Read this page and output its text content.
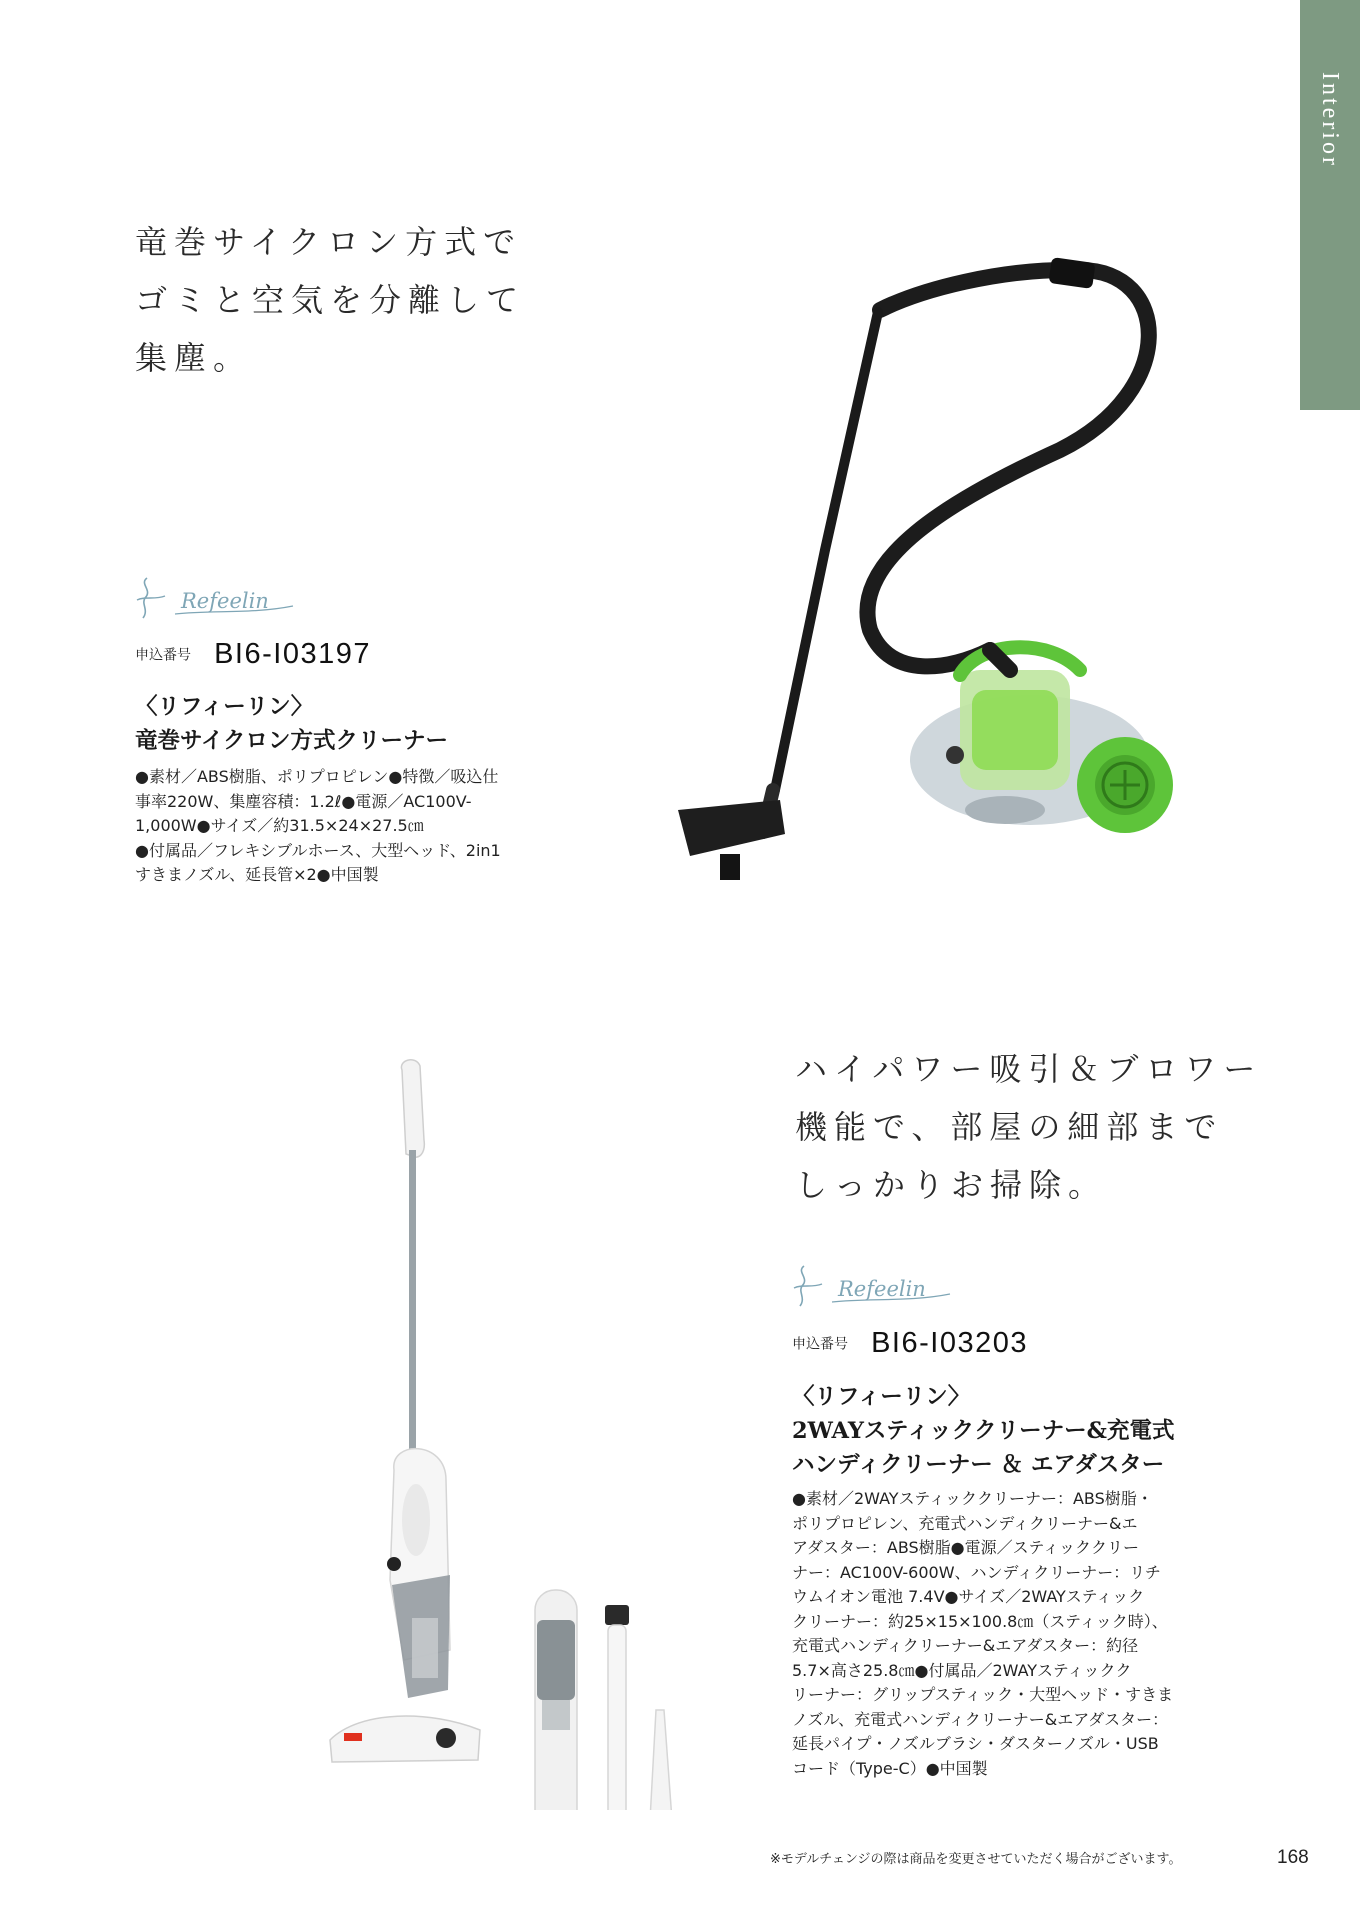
Interior
竜巻サイクロン方式で
ゴミと空気を分離して
集塵。
Refeelin
申込番号 BI6-I03197
〈リフィーリン〉
竜巻サイクロン方式クリーナー
●素材／ABS樹脂、ポリプロピレン●特徴／吸込仕
事率220W、集塵容積：1.2ℓ●電源／AC100V-
1,000W●サイズ／約31.5×24×27.5㎝
●付属品／フレキシブルホース、大型ヘッド、2in1
すきまノズル、延長管×2●中国製
ハイパワー吸引＆ブロワー
機能で、部屋の細部まで
しっかりお掃除。
Refeelin
申込番号 BI6-I03203
〈リフィーリン〉
2WAYスティッククリーナー&充電式
ハンディクリーナー ＆ エアダスター
●素材／2WAYスティッククリーナー：ABS樹脂・
ポリプロピレン、充電式ハンディクリーナー&エ
アダスター：ABS樹脂●電源／スティッククリー
ナー：AC100V-600W、ハンディクリーナー：リチ
ウムイオン電池 7.4V●サイズ／2WAYスティック
クリーナー：約25×15×100.8㎝（スティック時）、
充電式ハンディクリーナー&エアダスター：約径
5.7×高さ25.8㎝●付属品／2WAYスティックク
リーナー：グリップスティック・大型ヘッド・すきま
ノズル、充電式ハンディクリーナー&エアダスター：
延長パイプ・ノズルブラシ・ダスターノズル・USB
コード（Type-C）●中国製
※モデルチェンジの際は商品を変更させていただく場合がございます。	168
